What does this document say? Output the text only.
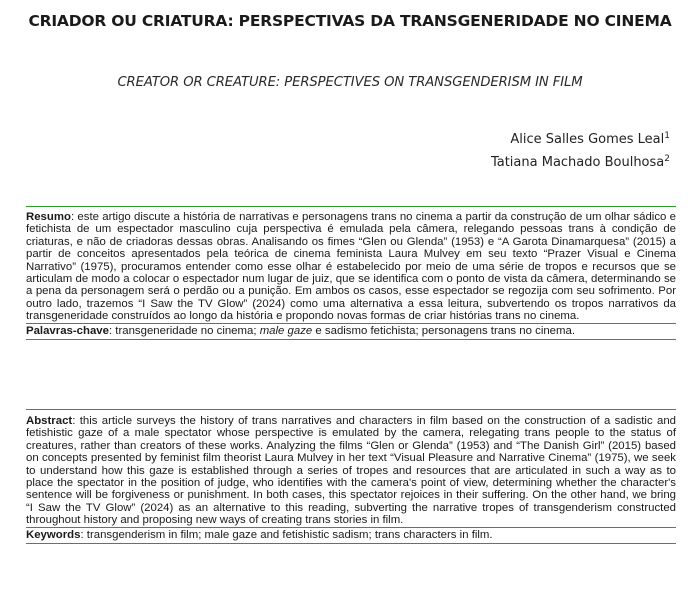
CRIADOR OU CRIATURA: PERSPECTIVAS DA TRANSGENERIDADE NO CINEMA
CREATOR OR CREATURE: PERSPECTIVES ON TRANSGENDERISM IN FILM
Alice Salles Gomes Leal$^1$
Tatiana Machado Boulhosa$^2$

Resumo: este artigo discute a história de narrativas e personagens trans no cinema a partir da construção de um olhar sádico e fetichista de um espectador masculino cuja perspectiva é emulada pela câmera, relegando pessoas trans à condição de criaturas, e não de criadoras dessas obras. Analisando os fimes “Glen ou Glenda” (1953) e “A Garota Dinamarquesa” (2015) a partir de conceitos apresentados pela teórica de cinema feminista Laura Mulvey em seu texto “Prazer Visual e Cinema Narrativo” (1975), procuramos entender como esse olhar é estabelecido por meio de uma série de tropos e recursos que se articulam de modo a colocar o espectador num lugar de juiz, que se identifica com o ponto de vista da câmera, determinando se a pena da personagem será o perdão ou a punição. Em ambos os casos, esse espectador se regozija com seu sofrimento. Por outro lado, trazemos “I Saw the TV Glow” (2024) como uma alternativa a essa leitura, subvertendo os tropos narrativos da transgeneridade construídos ao longo da história e propondo novas formas de criar histórias trans no cinema.

Palavras-chave: transgeneridade no cinema; male gaze e sadismo fetichista; personagens trans no cinema.

Abstract: this article surveys the history of trans narratives and characters in film based on the construction of a sadistic and fetishistic gaze of a male spectator whose perspective is emulated by the camera, relegating trans people to the status of creatures, rather than creators of these works. Analyzing the films “Glen or Glenda” (1953) and “The Danish Girl” (2015) based on concepts presented by feminist film theorist Laura Mulvey in her text “Visual Pleasure and Narrative Cinema” (1975), we seek to understand how this gaze is established through a series of tropes and resources that are articulated in such a way as to place the spectator in the position of judge, who identifies with the camera's point of view, determining whether the character's sentence will be forgiveness or punishment. In both cases, this spectator rejoices in their suffering. On the other hand, we bring “I Saw the TV Glow” (2024) as an alternative to this reading, subverting the narrative tropes of transgenderism constructed throughout history and proposing new ways of creating trans stories in film.

Keywords: transgenderism in film; male gaze and fetishistic sadism; trans characters in film.
